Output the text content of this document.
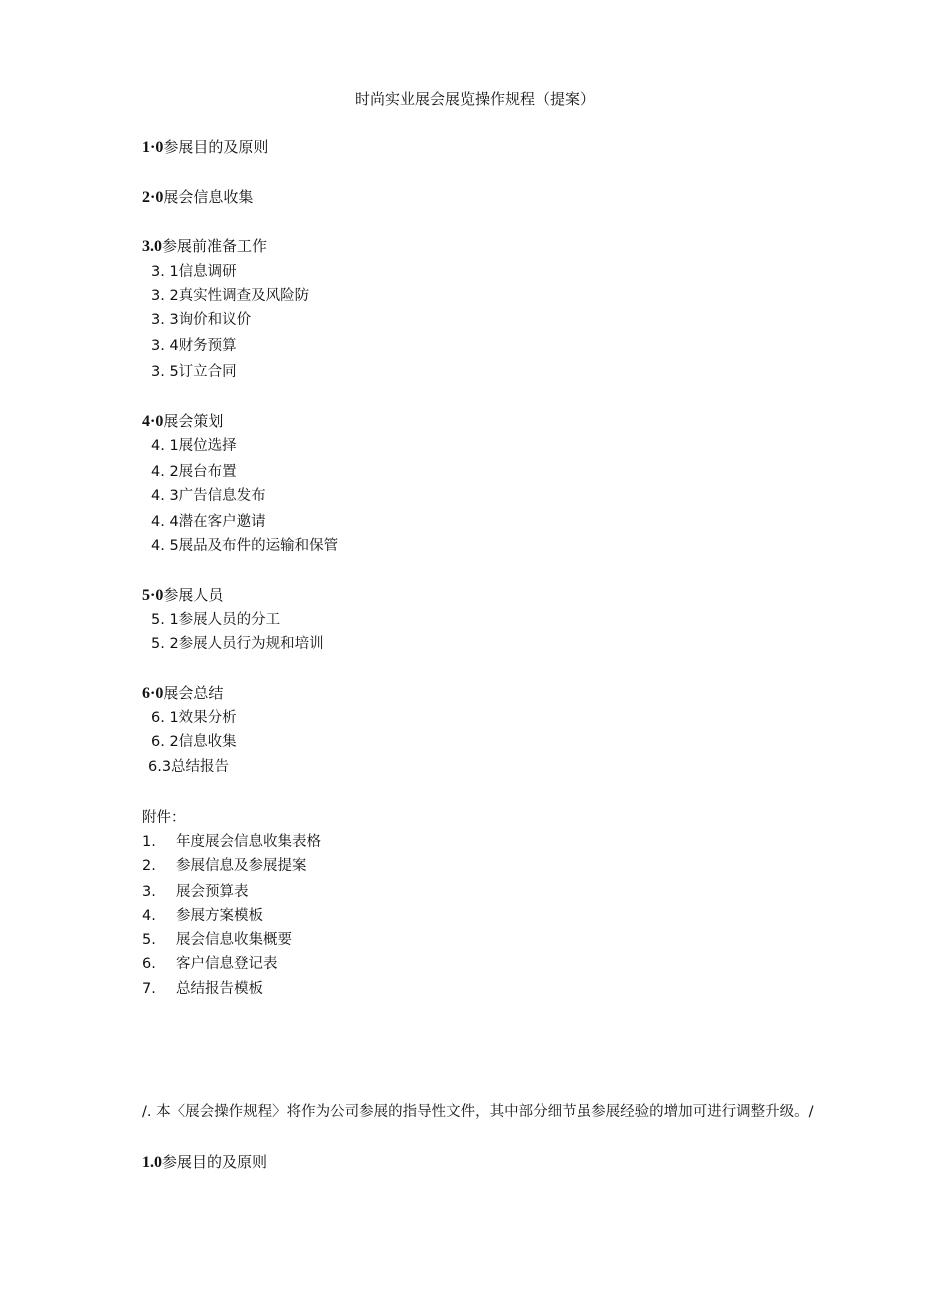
时尚实业展会展览操作规程（提案）
1·0参展目的及原则
2·0展会信息收集
3.0参展前准备工作
3. 1信息调研
3. 2真实性调查及风险防
3. 3询价和议价
3. 4财务预算
3. 5订立合同
4·0展会策划
4. 1展位选择
4. 2展台布置
4. 3广告信息发布
4. 4潜在客户邀请
4. 5展品及布件的运输和保管
5·0参展人员
5. 1参展人员的分工
5. 2参展人员行为规和培训
6·0展会总结
6. 1效果分析
6. 2信息收集
6.3总结报告
附件：
1. 年度展会信息收集表格
2. 参展信息及参展提案
3. 展会预算表
4. 参展方案模板
5. 展会信息收集概要
6. 客户信息登记表
7. 总结报告模板
/. 本〈展会操作规程〉将作为公司参展的指导性文件，其中部分细节虽参展经验的增加可进行调整升级。/
1.0参展目的及原则
